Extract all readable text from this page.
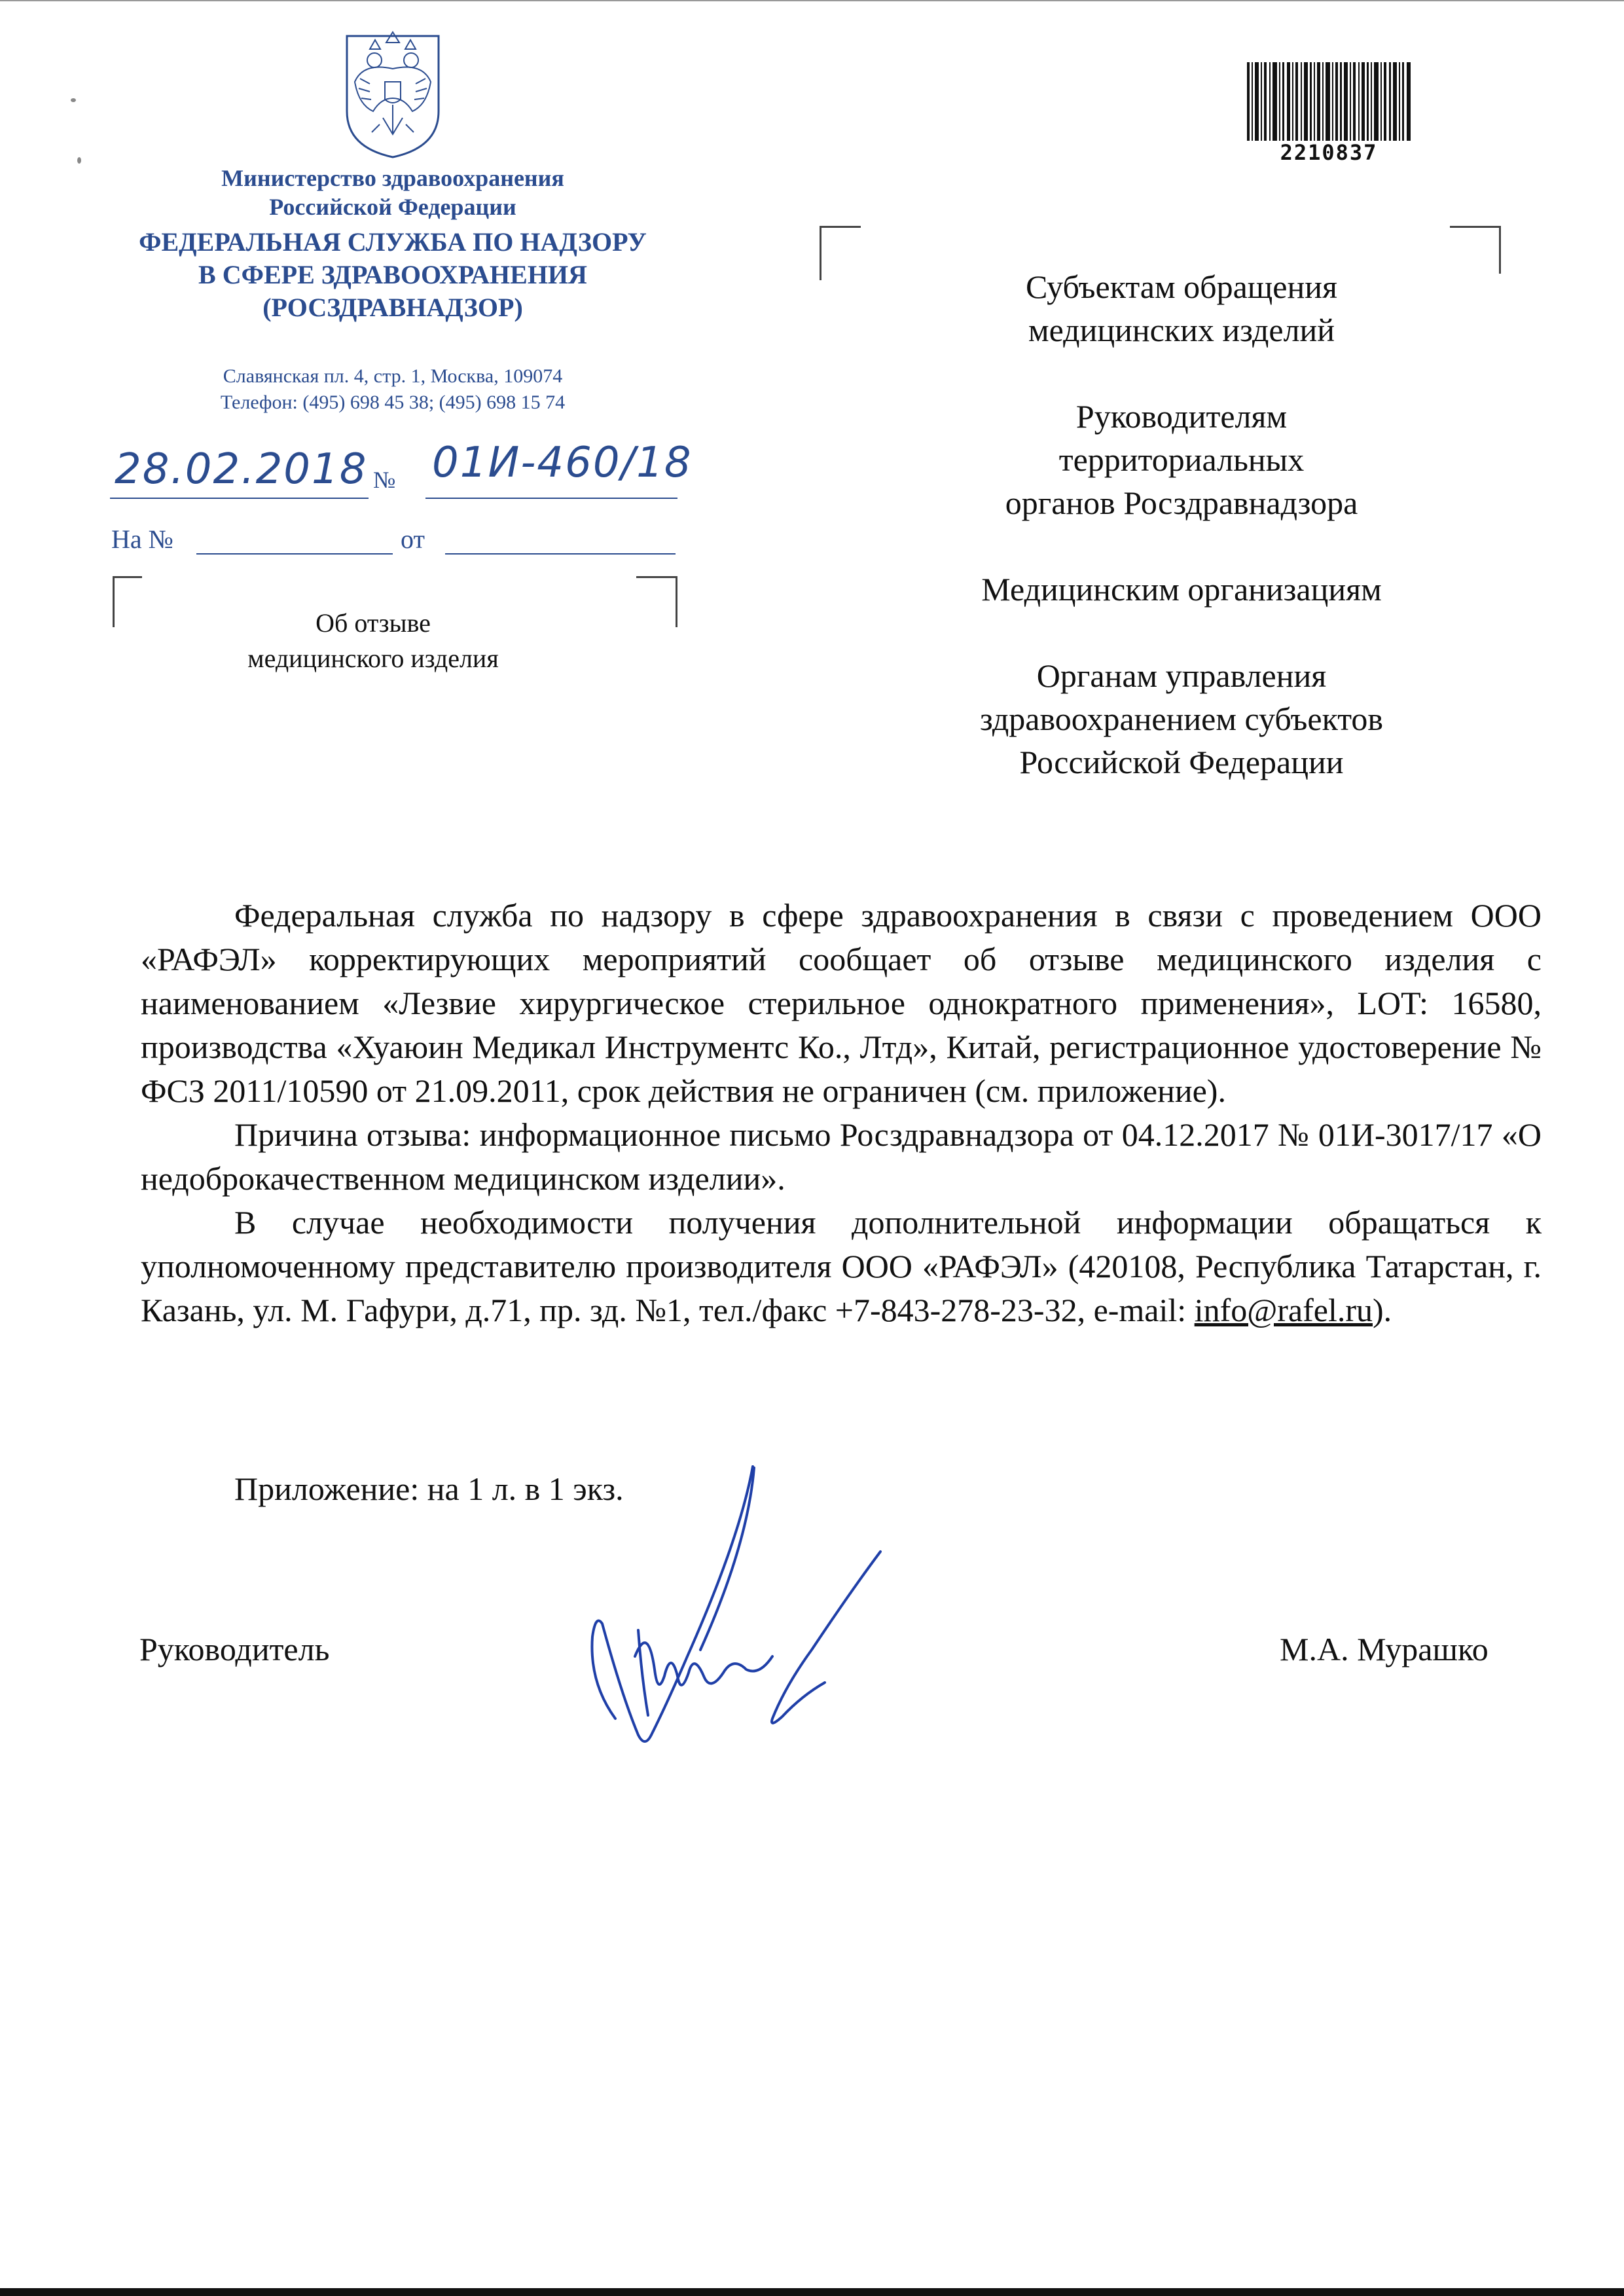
Министерство здравоохранения
Российской Федерации
ФЕДЕРАЛЬНАЯ СЛУЖБА ПО НАДЗОРУ
В СФЕРЕ ЗДРАВООХРАНЕНИЯ
(РОСЗДРАВНАДЗОР)
Славянская пл. 4, стр. 1, Москва, 109074
Телефон: (495) 698 45 38; (495) 698 15 74
28.02.2018 № 01И-460/18
На №	от
Об отзыве
медицинского изделия
2210837
Субъектам обращения
медицинских изделий
Руководителям
территориальных
органов Росздравнадзора
Медицинским организациям
Органам управления
здравоохранением субъектов
Российской Федерации

Федеральная служба по надзору в сфере здравоохранения в связи с проведением ООО «РАФЭЛ» корректирующих мероприятий сообщает об отзыве медицинского изделия с наименованием «Лезвие хирургическое стерильное однократного применения», LOT: 16580, производства «Хуаюин Медикал Инструментс Ко., Лтд», Китай, регистрационное удостоверение № ФСЗ 2011/10590 от 21.09.2011, срок действия не ограничен (см. приложение).

Причина отзыва: информационное письмо Росздравнадзора от 04.12.2017 № 01И-3017/17 «О недоброкачественном медицинском изделии».

В случае необходимости получения дополнительной информации обращаться к уполномоченному представителю производителя ООО «РАФЭЛ» (420108, Республика Татарстан, г. Казань, ул. М. Гафури, д.71, пр. зд. №1, тел./факс +7-843-278-23-32, e-mail: info@rafel.ru).

Приложение: на 1 л. в 1 экз.
Руководитель	М.А. Мурашко
